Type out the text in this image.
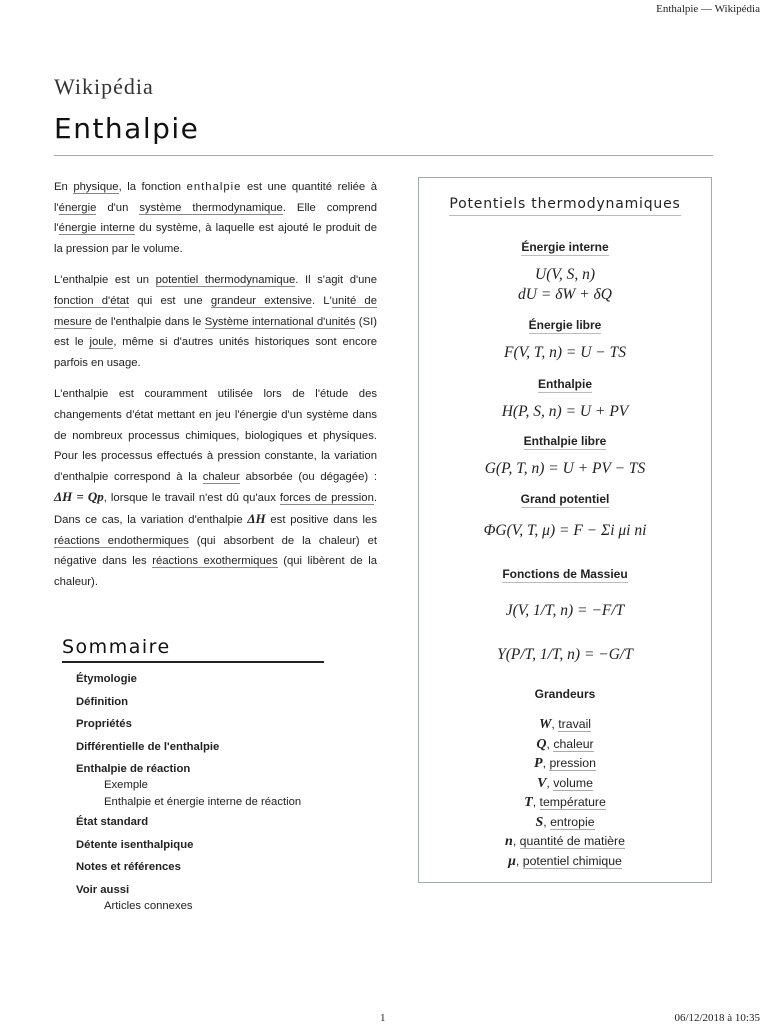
Enthalpie — Wikipédia
Wikipédia
Enthalpie

En physique, la fonction enthalpie est une quantité reliée à l'énergie d'un système thermodynamique. Elle comprend l'énergie interne du système, à laquelle est ajouté le produit de la pression par le volume.

L'enthalpie est un potentiel thermodynamique. Il s'agit d'une fonction d'état qui est une grandeur extensive. L'unité de mesure de l'enthalpie dans le Système international d'unités (SI) est le joule, même si d'autres unités historiques sont encore parfois en usage.

L'enthalpie est couramment utilisée lors de l'étude des changements d'état mettant en jeu l'énergie d'un système dans de nombreux processus chimiques, biologiques et physiques. Pour les processus effectués à pression constante, la variation d'enthalpie correspond à la chaleur absorbée (ou dégagée) : ΔH = Qp, lorsque le travail n'est dû qu'aux forces de pression. Dans ce cas, la variation d'enthalpie ΔH est positive dans les réactions endothermiques (qui absorbent de la chaleur) et négative dans les réactions exothermiques (qui libèrent de la chaleur).

Sommaire
Étymologie
Définition
Propriétés
Différentielle de l'enthalpie
Enthalpie de réaction
Exemple
Enthalpie et énergie interne de réaction
État standard
Détente isenthalpique
Notes et références
Voir aussi
Articles connexes
Potentiels thermodynamiques
Énergie interne
U(V, S, n)
dU = δW + δQ
Énergie libre
F(V, T, n) = U − TS
Enthalpie
H(P, S, n) = U + PV
Enthalpie libre
G(P, T, n) = U + PV − TS
Grand potentiel
ΦG(V, T, μ) = F − Σi μi ni
Fonctions de Massieu
J(V, 1/T, n) = −F/T
Y(P/T, 1/T, n) = −G/T
Grandeurs
W, travail
Q, chaleur
P, pression
V, volume
T, température
S, entropie
n, quantité de matière
μ, potentiel chimique
1	06/12/2018 à 10:35
